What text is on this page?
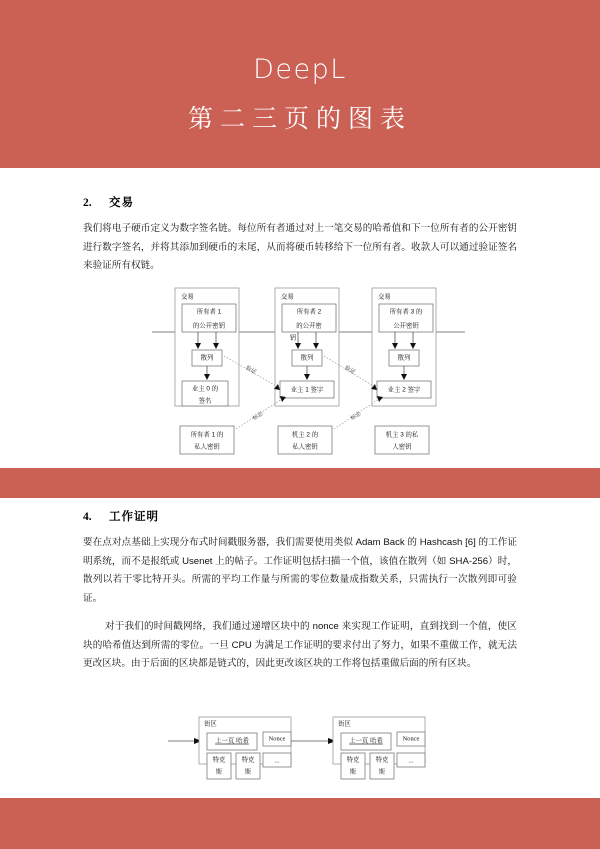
DeepL
第二三页的图表
2.	交易

我们将电子硬币定义为数字签名链。每位所有者通过对上一笔交易的哈希值和下一位所有者的公开密钥进行数字签名，并将其添加到硬币的末尾，从而将硬币转移给下一位所有者。收款人可以通过验证签名来验证所有权链。

交易
所有者 1
的公开密钥
散列
业主 0 的
签名
所有者 1 的
私人密钥
交易
所有者 2
的公开密
钥
散列
业主 1 签字
机主 2 的
私人密钥
交易
所有者 3 的
公开密钥
散列
业主 2 签字
机主 3 的私
人密钥
验证	验证
标志	标志
4.	工作证明

要在点对点基础上实现分布式时间戳服务器，我们需要使用类似 Adam Back 的 Hashcash [6] 的工作证明系统，而不是报纸或 Usenet 上的帖子。工作证明包括扫描一个值，该值在散列（如 SHA-256）时，散列以若干零比特开头。所需的平均工作量与所需的零位数量成指数关系，只需执行一次散列即可验证。

对于我们的时间戳网络，我们通过递增区块中的 nonce 来实现工作证明，直到找到一个值，使区块的哈希值达到所需的零位。一旦 CPU 为满足工作证明的要求付出了努力，如果不重做工作，就无法更改区块。由于后面的区块都是链式的，因此更改该区块的工作将包括重做后面的所有区块。

街区
上一页 哈希	Nonce
特克
斯
特克
斯
...
街区
上一页 哈希	Nonce
特克
斯
特克
斯
...
